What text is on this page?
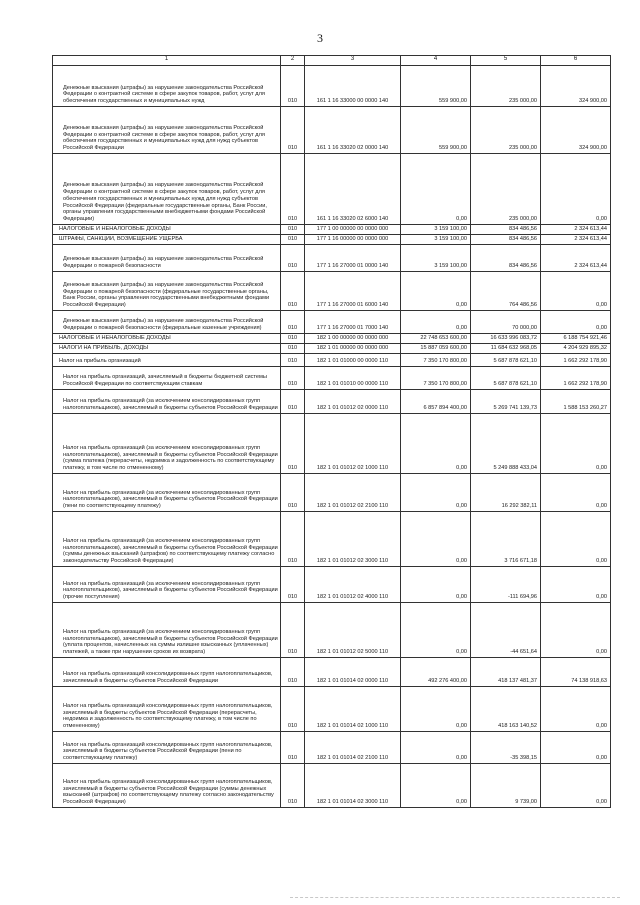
3
1	2	3	4	5	6
Денежные взыскания (штрафы) за нарушение законодательства Российской Федерации о контрактной системе в сфере закупок товаров, работ, услуг для обеспечения государственных и муниципальных нужд	010	161 1 16 33000 00 0000 140	559 900,00	235 000,00	324 900,00
Денежные взыскания (штрафы) за нарушение законодательства Российской Федерации о контрактной системе в сфере закупок товаров, работ, услуг для обеспечения государственных и муниципальных нужд для нужд субъектов Российской Федерации	010	161 1 16 33020 02 0000 140	559 900,00	235 000,00	324 900,00
Денежные взыскания (штрафы) за нарушение законодательства Российской Федерации о контрактной системе в сфере закупок товаров, работ, услуг для обеспечения государственных и муниципальных нужд для нужд субъектов Российской Федерации (федеральные государственные органы, Банк России, органы управления государственными внебюджетными фондами Российской Федерации)	010	161 1 16 33020 02 6000 140	0,00	235 000,00	0,00
НАЛОГОВЫЕ И НЕНАЛОГОВЫЕ ДОХОДЫ	010	177 1 00 00000 00 0000 000	3 159 100,00	834 486,56	2 324 613,44
ШТРАФЫ, САНКЦИИ, ВОЗМЕЩЕНИЕ УЩЕРБА	010	177 1 16 00000 00 0000 000	3 159 100,00	834 486,56	2 324 613,44
Денежные взыскания (штрафы) за нарушение законодательства Российской Федерации о пожарной безопасности	010	177 1 16 27000 01 0000 140	3 159 100,00	834 486,56	2 324 613,44
Денежные взыскания (штрафы) за нарушение законодательства Российской Федерации о пожарной безопасности (федеральные государственные органы, Банк России, органы управления государственными внебюджетными фондами Российской Федерации)	010	177 1 16 27000 01 6000 140	0,00	764 486,56	0,00
Денежные взыскания (штрафы) за нарушение законодательства Российской Федерации о пожарной безопасности (федеральные казенные учреждения)	010	177 1 16 27000 01 7000 140	0,00	70 000,00	0,00
НАЛОГОВЫЕ И НЕНАЛОГОВЫЕ ДОХОДЫ	010	182 1 00 00000 00 0000 000	22 748 653 600,00	16 633 996 083,72	6 188 754 921,46
НАЛОГИ НА ПРИБЫЛЬ, ДОХОДЫ	010	182 1 01 00000 00 0000 000	15 887 059 600,00	11 684 632 968,05	4 204 929 895,32
Налог на прибыль организаций	010	182 1 01 01000 00 0000 110	7 350 170 800,00	5 687 878 621,10	1 662 292 178,90
Налог на прибыль организаций, зачисляемый в бюджеты бюджетной системы Российской Федерации по соответствующим ставкам	010	182 1 01 01010 00 0000 110	7 350 170 800,00	5 687 878 621,10	1 662 292 178,90
Налог на прибыль организаций (за исключением консолидированных групп налогоплательщиков), зачисляемый в бюджеты субъектов Российской Федерации	010	182 1 01 01012 02 0000 110	6 857 894 400,00	5 269 741 139,73	1 588 153 260,27
Налог на прибыль организаций (за исключением консолидированных групп налогоплательщиков), зачисляемый в бюджеты субъектов Российской Федерации (сумма платежа (перерасчеты, недоимка и задолженность по соответствующему платежу, в том числе по отмененному)	010	182 1 01 01012 02 1000 110	0,00	5 249 888 433,04	0,00
Налог на прибыль организаций (за исключением консолидированных групп налогоплательщиков), зачисляемый в бюджеты субъектов Российской Федерации (пени по соответствующему платежу)	010	182 1 01 01012 02 2100 110	0,00	16 292 382,11	0,00
Налог на прибыль организаций (за исключением консолидированных групп налогоплательщиков), зачисляемый в бюджеты субъектов Российской Федерации (суммы денежных взысканий (штрафов) по соответствующему платежу согласно законодательству Российской Федерации)	010	182 1 01 01012 02 3000 110	0,00	3 716 671,18	0,00
Налог на прибыль организаций (за исключением консолидированных групп налогоплательщиков), зачисляемый в бюджеты субъектов Российской Федерации (прочие поступления)	010	182 1 01 01012 02 4000 110	0,00	-111 694,96	0,00
Налог на прибыль организаций (за исключением консолидированных групп налогоплательщиков), зачисляемый в бюджеты субъектов Российской Федерации (уплата процентов, начисленных на суммы излишне взысканных (уплаченных) платежей, а также при нарушении сроков их возврата)	010	182 1 01 01012 02 5000 110	0,00	-44 651,64	0,00
Налог на прибыль организаций консолидированных групп налогоплательщиков, зачисляемый в бюджеты субъектов Российской Федерации	010	182 1 01 01014 02 0000 110	492 276 400,00	418 137 481,37	74 138 918,63
Налог на прибыль организаций консолидированных групп налогоплательщиков, зачисляемый в бюджеты субъектов Российской Федерации (перерасчеты, недоимка и задолженность по соответствующему платежу, в том числе по отмененному)	010	182 1 01 01014 02 1000 110	0,00	418 163 140,52	0,00
Налог на прибыль организаций консолидированных групп налогоплательщиков, зачисляемый в бюджеты субъектов Российской Федерации (пени по соответствующему платежу)	010	182 1 01 01014 02 2100 110	0,00	-35 398,15	0,00
Налог на прибыль организаций консолидированных групп налогоплательщиков, зачисляемый в бюджеты субъектов Российской Федерации (суммы денежных взысканий (штрафов) по соответствующему платежу согласно законодательству Российской Федерации)	010	182 1 01 01014 02 3000 110	0,00	9 739,00	0,00
